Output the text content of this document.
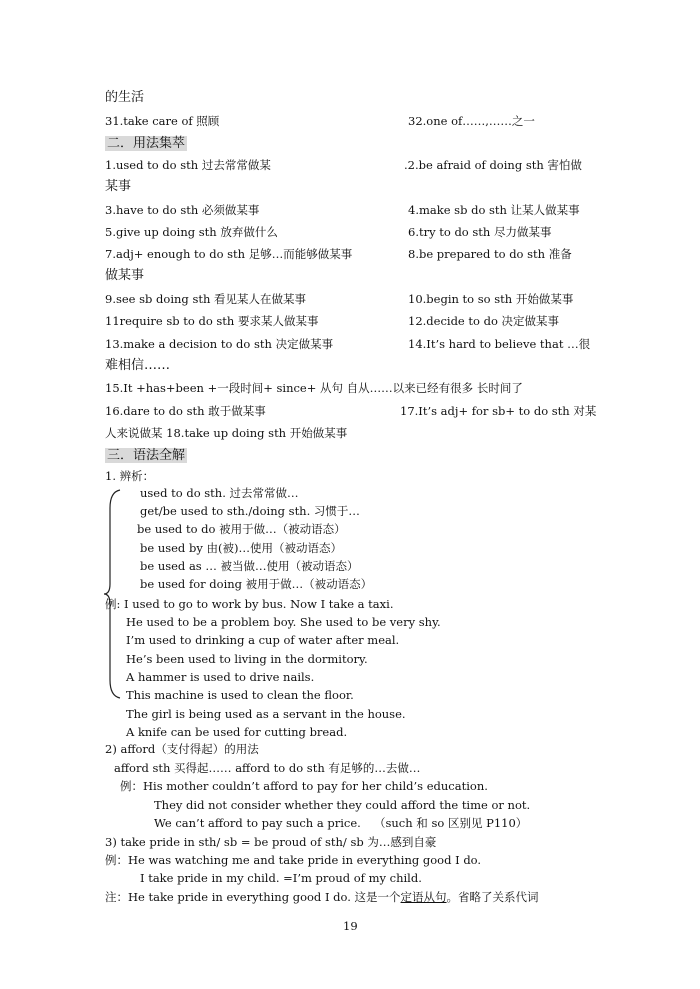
的生活
31.take care of 照顾	32.one of……,……之一
二．用法集萃
1.used to do sth 过去常常做某	.2.be afraid of doing sth 害怕做
某事
3.have to do sth 必须做某事	4.make sb do sth 让某人做某事
5.give up doing sth 放弃做什么	6.try to do sth 尽力做某事
7.adj+ enough to do sth 足够…而能够做某事	8.be prepared to do sth 准备
做某事
9.see sb doing sth 看见某人在做某事	10.begin to so sth 开始做某事
11require sb to do sth 要求某人做某事	12.decide to do 决定做某事
13.make a decision to do sth 决定做某事	14.It’s hard to believe that …很
难相信……
15.It +has+been +一段时间+ since+ 从句 自从……以来已经有很多 长时间了
16.dare to do sth 敢于做某事	17.It’s adj+ for sb+ to do sth 对某
人来说做某 18.take up doing sth 开始做某事
三．语法全解
1. 辨析：
used to do sth. 过去常常做…
get/be used to sth./doing sth. 习惯于…
be used to do 被用于做…（被动语态）
be used by 由(被)…使用（被动语态）
be used as … 被当做…使用（被动语态）
be used for doing 被用于做…（被动语态）
例: I used to go to work by bus. Now I take a taxi.
He used to be a problem boy. She used to be very shy.
I’m used to drinking a cup of water after meal.
He’s been used to living in the dormitory.
A hammer is used to drive nails.
This machine is used to clean the floor.
The girl is being used as a servant in the house.
A knife can be used for cutting bread.
2) afford（支付得起）的用法
afford sth 买得起…… afford to do sth 有足够的…去做…
例：His mother couldn’t afford to pay for her child’s education.
They did not consider whether they could afford the time or not.
We can’t afford to pay such a price. （such 和 so 区别见 P110）
3) take pride in sth/ sb = be proud of sth/ sb 为…感到自豪
例：He was watching me and take pride in everything good I do.
I take pride in my child. =I’m proud of my child.
注：He take pride in everything good I do. 这是一个定语从句。省略了关系代词
19
